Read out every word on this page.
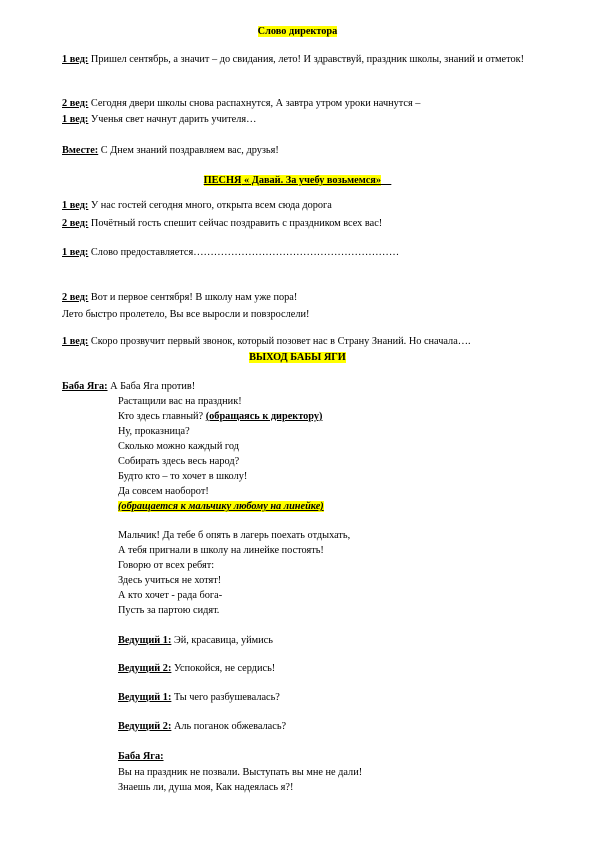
Слово директора
1 вед: Пришел сентябрь, а значит – до свидания, лето! И здравствуй, праздник школы, знаний и отметок!
2 вед: Сегодня двери школы снова распахнутся, А завтра утром уроки начнутся –
1 вед: Ученья свет начнут дарить учителя…
Вместе: С Днем знаний поздравляем вас, друзья!
ПЕСНЯ « Давай. За учебу возьмемся»
1 вед: У нас гостей сегодня много, открыта всем сюда дорога
2 вед: Почётный гость спешит сейчас поздравить с праздником всех вас!
1 вед: Слово предоставляется……………………………………………………
2 вед: Вот и первое сентября! В школу нам уже пора!
Лето быстро пролетело, Вы все выросли и повзрослели!
1 вед: Скоро прозвучит первый звонок, который позовет нас в Страну Знаний. Но сначала….
ВЫХОД БАБЫ ЯГИ
Баба Яга: А Баба Яга против!
Растащили вас на праздник!
Кто здесь главный? (обращаясь к директору)
Ну, проказница?
Сколько можно каждый год
Собирать здесь весь народ?
Будто кто – то хочет в школу!
Да совсем наоборот!
(обращается к мальчику любому на линейке)
Мальчик! Да тебе б опять в лагерь поехать отдыхать,
А тебя пригнали в школу на линейке постоять!
Говорю от всех ребят:
Здесь учиться не хотят!
А кто хочет - рада бога-
Пусть за партою сидят.
Ведущий 1: Эй, красавица, уймись
Ведущий 2: Успокойся, не сердись!
Ведущий 1: Ты чего разбушевалась?
Ведущий 2: Аль поганок обжевалась?
Баба Яга:
Вы на праздник не позвали. Выступать вы мне не дали!
Знаешь ли, душа моя, Как надеялась я?!
